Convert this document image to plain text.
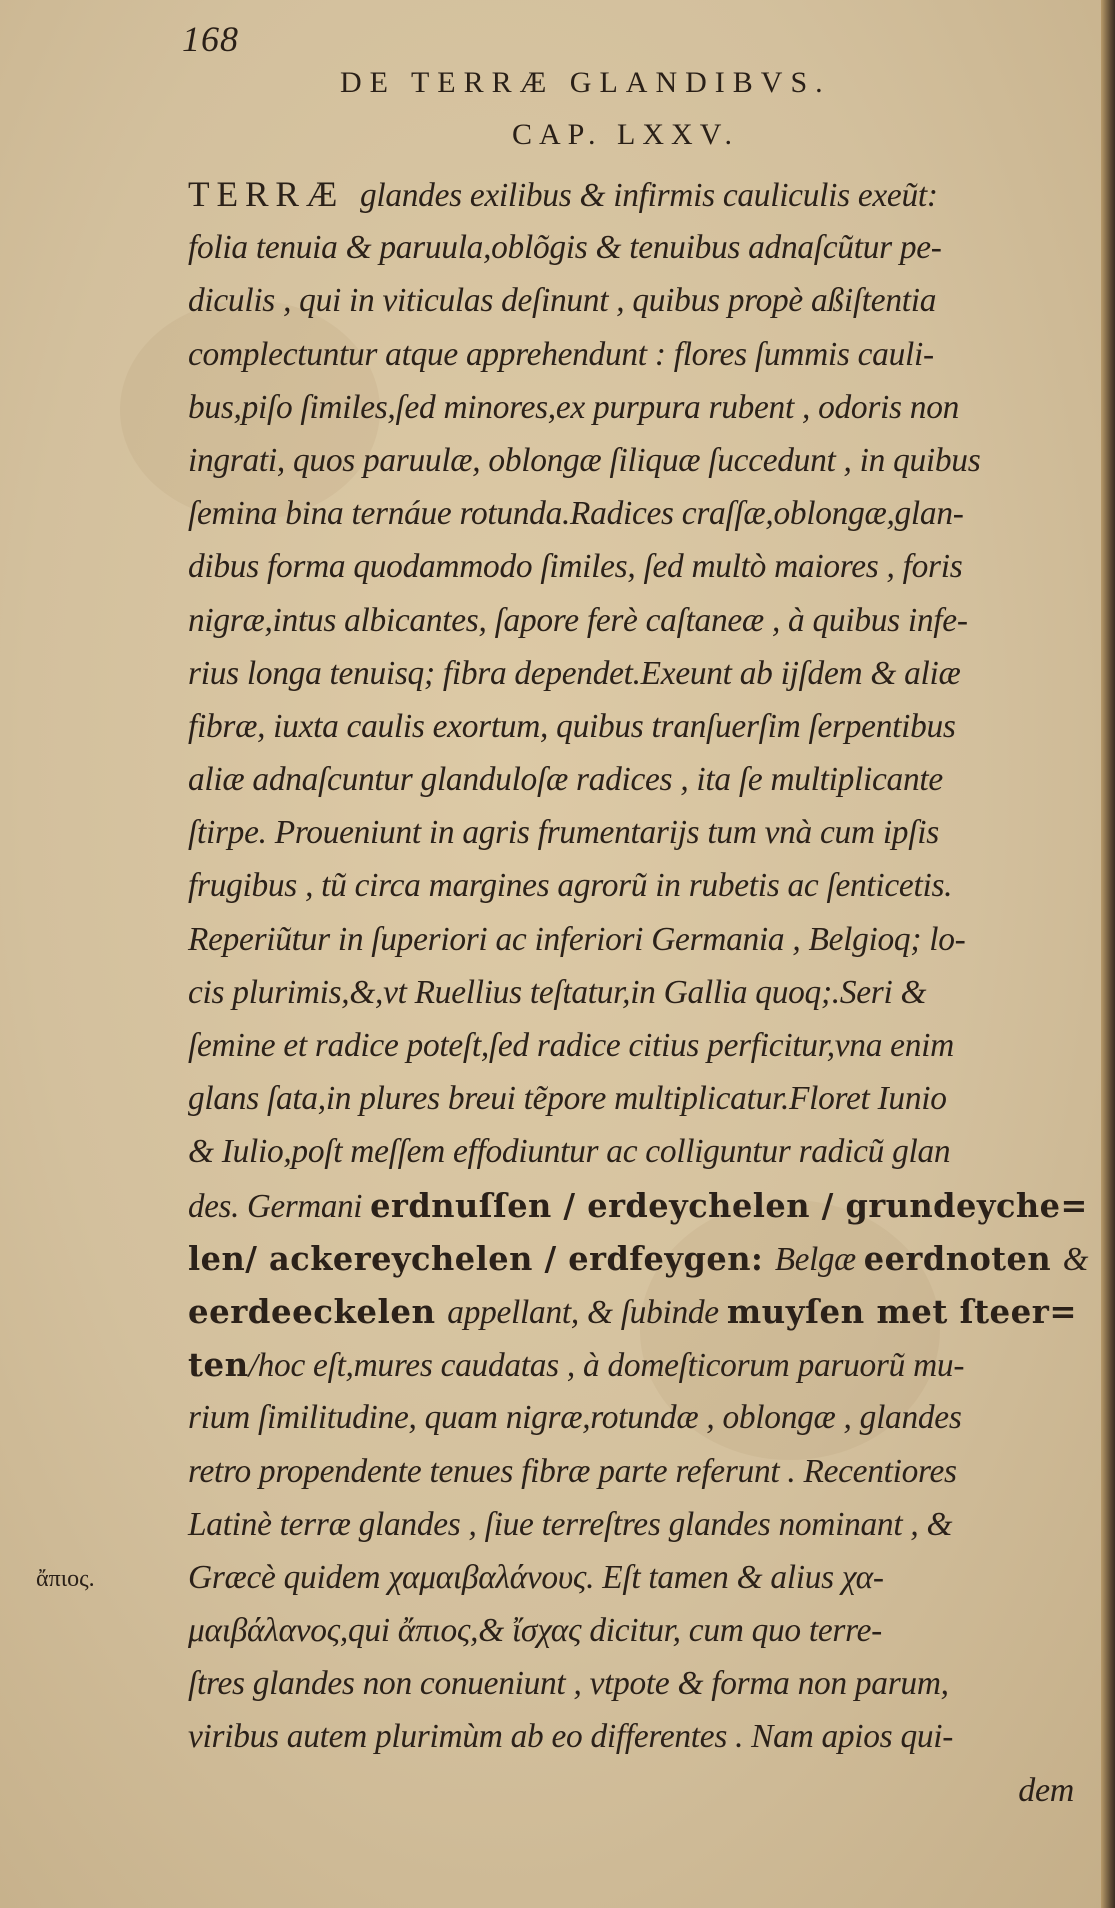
168
DE TERRÆ GLANDIBVS.
CAP. LXXV.
TERRÆ glandes exilibus & infirmis cauliculis exeũt:
folia tenuia & paruula,oblõgis & tenuibus adnaſcũtur pe-
diculis , qui in viticulas deſinunt , quibus propè aßiſtentia
complectuntur atque apprehendunt : flores ſummis cauli-
bus,piſo ſimiles,ſed minores,ex purpura rubent , odoris non
ingrati, quos paruulæ, oblongæ ſiliquæ ſuccedunt , in quibus
ſemina bina ternáue rotunda.Radices craſſæ,oblongæ,glan-
dibus forma quodammodo ſimiles, ſed multò maiores , foris
nigræ,intus albicantes, ſapore ferè caſtaneæ , à quibus infe-
rius longa tenuisq; fibra dependet.Exeunt ab ijſdem & aliæ
fibræ, iuxta caulis exortum, quibus tranſuerſim ſerpentibus
aliæ adnaſcuntur glanduloſæ radices , ita ſe multiplicante
ſtirpe. Proueniunt in agris frumentarijs tum vnà cum ipſis
frugibus , tũ circa margines agrorũ in rubetis ac ſenticetis.
Reperiũtur in ſuperiori ac inferiori Germania , Belgioq; lo-
cis plurimis,&,vt Ruellius teſtatur,in Gallia quoq;.Seri &
ſemine et radice poteſt,ſed radice citius perficitur,vna enim
glans ſata,in plures breui tẽpore multiplicatur.Floret Iunio
& Iulio,poſt meſſem effodiuntur ac colliguntur radicũ glan
des. Germani erdnuſſen / erdeychelen / grundeyche=
len/ ackereychelen / erdfeygen: Belgæ eerdnoten &
eerdeeckelen appellant, & ſubinde muyſen met ſteer=
ten/hoc eſt,mures caudatas , à domeſticorum paruorũ mu-
rium ſimilitudine, quam nigræ,rotundæ , oblongæ , glandes
retro propendente tenues fibræ parte referunt . Recentiores
Latinè terræ glandes , ſiue terreſtres glandes nominant , &
Græcè quidem χαμαιβαλάνους. Eſt tamen & alius χα-
μαιβάλανος,qui ἄπιος,& ἴσχας dicitur, cum quo terre-
ſtres glandes non conueniunt , vtpote & forma non parum,
viribus autem plurimùm ab eo differentes . Nam apios qui-
dem
ἄπιος.
